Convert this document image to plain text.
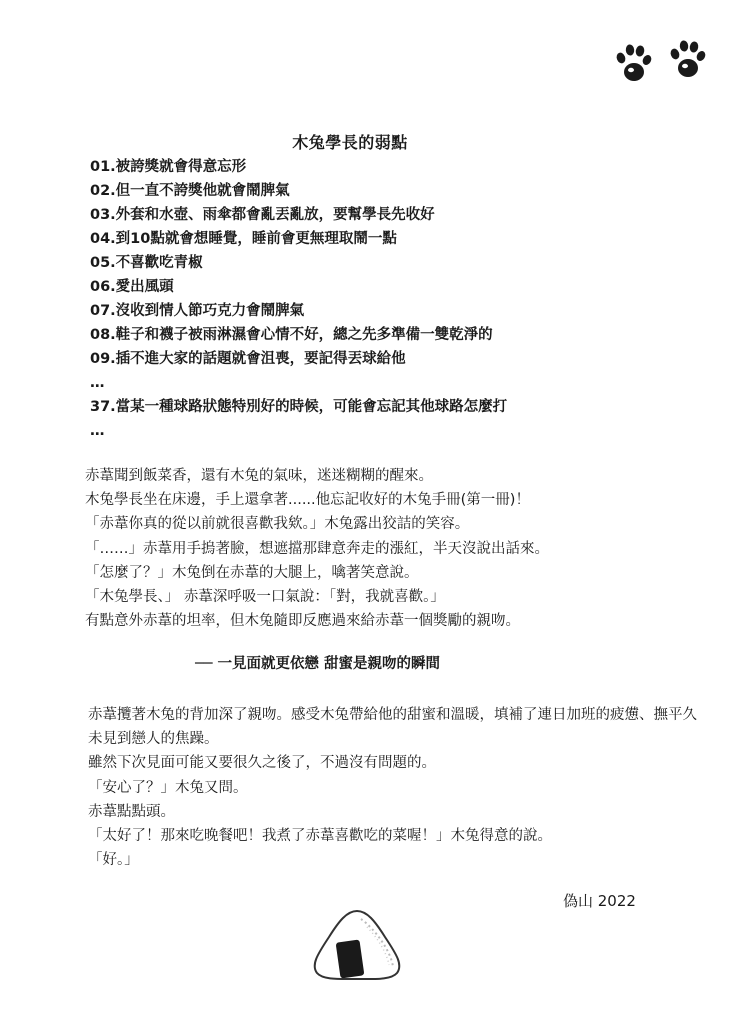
木兔學長的弱點
01.被誇獎就會得意忘形
02.但一直不誇獎他就會鬧脾氣
03.外套和水壺、雨傘都會亂丟亂放，要幫學長先收好
04.到10點就會想睡覺，睡前會更無理取鬧一點
05.不喜歡吃青椒
06.愛出風頭
07.沒收到情人節巧克力會鬧脾氣
08.鞋子和襪子被雨淋濕會心情不好，總之先多準備一雙乾淨的
09.插不進大家的話題就會沮喪，要記得丟球給他
…
37.當某一種球路狀態特別好的時候，可能會忘記其他球路怎麼打
…

赤葦聞到飯菜香，還有木兔的氣味，迷迷糊糊的醒來。

木兔學長坐在床邊，手上還拿著......他忘記收好的木兔手冊(第一冊)！

「赤葦你真的從以前就很喜歡我欸。」木兔露出狡詰的笑容。

「……」赤葦用手摀著臉，想遮擋那肆意奔走的漲紅，半天沒說出話來。

「怎麼了？」木兔倒在赤葦的大腿上，噙著笑意說。

「木兔學長、」 赤葦深呼吸一口氣說：「對，我就喜歡。」

有點意外赤葦的坦率，但木兔隨即反應過來給赤葦一個獎勵的親吻。

── 一見面就更依戀 甜蜜是親吻的瞬間

赤葦攬著木兔的背加深了親吻。感受木兔帶給他的甜蜜和溫暖，填補了連日加班的疲憊、撫平久未見到戀人的焦躁。

雖然下次見面可能又要很久之後了，不過沒有問題的。

「安心了？」木兔又問。

赤葦點點頭。

「太好了！那來吃晚餐吧！我煮了赤葦喜歡吃的菜喔！」木兔得意的說。

「好。」

偽山 2022
